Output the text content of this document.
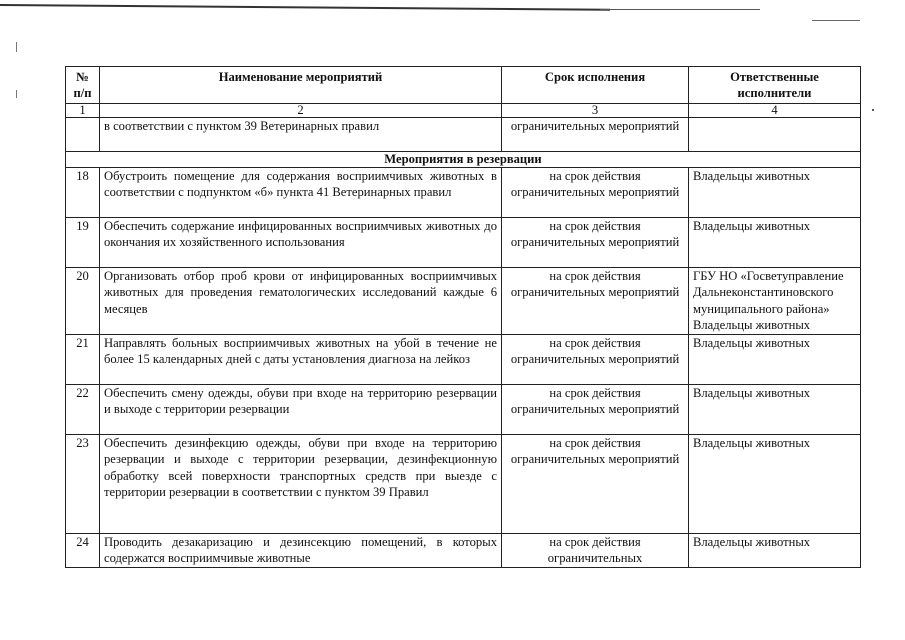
№ п/п	Наименование мероприятий	Срок исполнения	Ответственные исполнители
1	2	3	4
	в соответствии с пунктом 39 Ветеринарных правил	ограничительных мероприятий	
Мероприятия в резервации			
18	Обустроить помещение для содержания восприимчивых животных в соответствии с подпунктом «б» пункта 41 Ветеринарных правил	на срок действия ограничительных мероприятий	Владельцы животных
19	Обеспечить содержание инфицированных восприимчивых животных до окончания их хозяйственного использования	на срок действия ограничительных мероприятий	Владельцы животных
20	Организовать отбор проб крови от инфицированных восприимчивых животных для проведения гематологических исследований каждые 6 месяцев	на срок действия ограничительных мероприятий	ГБУ НО «Госветуправление Дальнеконстантиновского муниципального района» Владельцы животных
21	Направлять больных восприимчивых животных на убой в течение не более 15 календарных дней с даты установления диагноза на лейкоз	на срок действия ограничительных мероприятий	Владельцы животных
22	Обеспечить смену одежды, обуви при входе на территорию резервации и выходе с территории резервации	на срок действия ограничительных мероприятий	Владельцы животных
23	Обеспечить дезинфекцию одежды, обуви при входе на территорию резервации и выходе с территории резервации, дезинфекционную обработку всей поверхности транспортных средств при выезде с территории резервации в соответствии с пунктом 39 Правил	на срок действия ограничительных мероприятий	Владельцы животных
24	Проводить дезакаризацию и дезинсекцию помещений, в которых содержатся восприимчивые животные	на срок действия ограничительных	Владельцы животных
